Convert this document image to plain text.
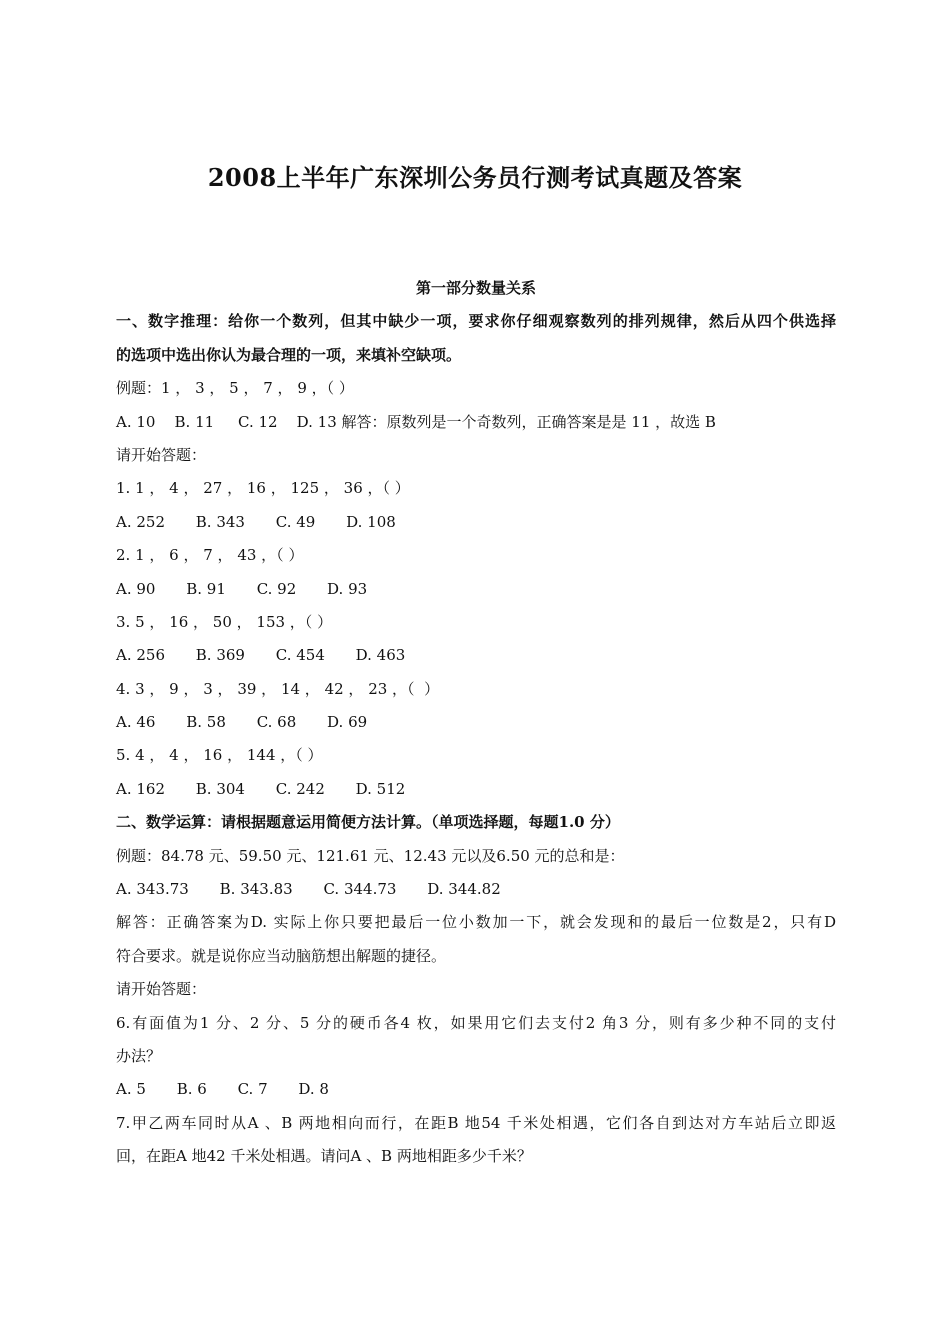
2008上半年广东深圳公务员行测考试真题及答案
第一部分数量关系
一、数字推理：给你一个数列，但其中缺少一项，要求你仔细观察数列的排列规律，然后从四个供选择
的选项中选出你认为最合理的一项，来填补空缺项。
例题：1 ， 3 ， 5 ， 7 ， 9 ，（ ）
A. 10    B. 11     C. 12    D. 13 解答：原数列是一个奇数列，正确答案是是 11 ，故选 B
请开始答题：
1. 1 ， 4 ， 27 ， 16 ， 125 ， 36 ，（ ）
A. 252 B. 343 C. 49 D. 108
2. 1 ， 6 ， 7 ， 43 ，（ ）
A. 90 B. 91 C. 92 D. 93
3. 5 ， 16 ， 50 ， 153 ，（ ）
A. 256 B. 369 C. 454 D. 463
4. 3 ， 9 ， 3 ， 39 ， 14 ， 42 ， 23 ，（  ）
A. 46 B. 58 C. 68 D. 69
5. 4 ， 4 ， 16 ， 144 ，（ ）
A. 162 B. 304 C. 242 D. 512
二、数学运算：请根据题意运用简便方法计算。（单项选择题，每题1.0 分）
例题：84.78 元、59.50 元、121.61 元、12.43 元以及6.50 元的总和是：
A. 343.73 B. 343.83 C. 344.73 D. 344.82
解答：正确答案为D. 实际上你只要把最后一位小数加一下，就会发现和的最后一位数是2，只有D
符合要求。就是说你应当动脑筋想出解题的捷径。
请开始答题：
6.有面值为1 分、2 分、5 分的硬币各4 枚，如果用它们去支付2 角3 分，则有多少种不同的支付
办法？
A. 5 B. 6 C. 7 D. 8
7.甲乙两车同时从A 、B 两地相向而行，在距B 地54 千米处相遇，它们各自到达对方车站后立即返
回，在距A 地42 千米处相遇。请问A 、B 两地相距多少千米？
